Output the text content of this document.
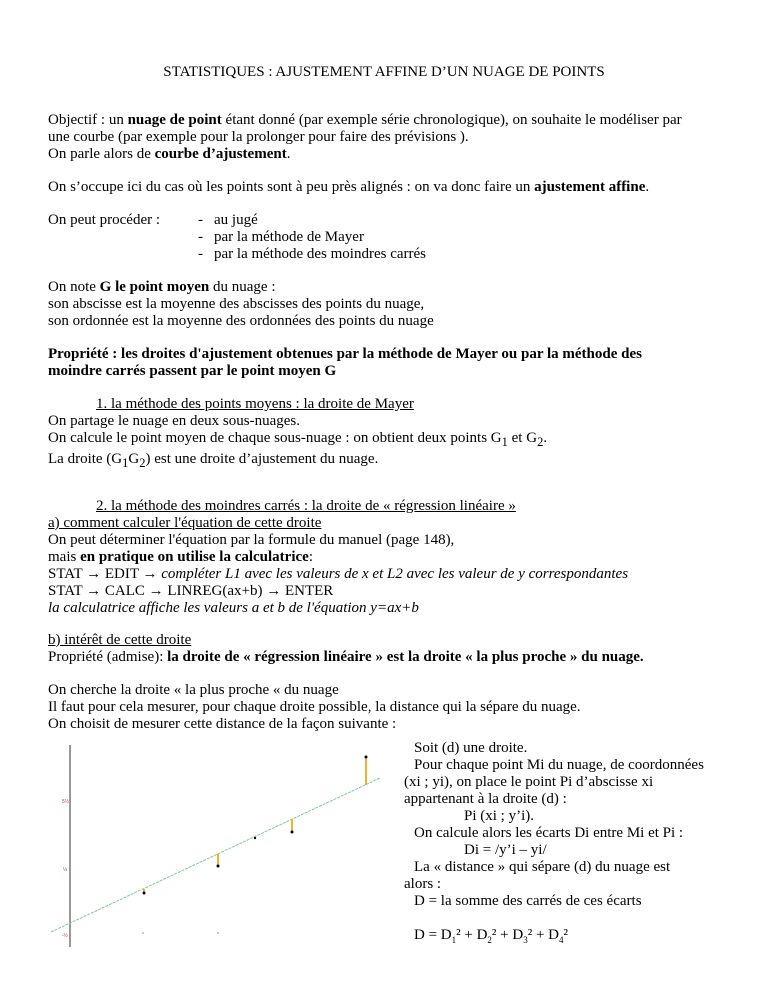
STATISTIQUES : AJUSTEMENT AFFINE D’UN NUAGE DE POINTS

Objectif : un nuage de point étant donné (par exemple série chronologique), on souhaite le modéliser par

une courbe (par exemple pour la prolonger pour faire des prévisions ).

On parle alors de courbe d’ajustement.

On s’occupe ici du cas où les points sont à peu près alignés : on va donc faire un ajustement affine.

On peut procéder :	- au jugé

- par la méthode de Mayer

- par la méthode des moindres carrés

On note G le point moyen du nuage :

son abscisse est la moyenne des abscisses des points du nuage,

son ordonnée est la moyenne des ordonnées des points du nuage

Propriété : les droites d'ajustement obtenues par la méthode de Mayer ou par la méthode des

moindre carrés passent par le point moyen G

1. la méthode des points moyens : la droite de Mayer

On partage le nuage en deux sous-nuages.

On calcule le point moyen de chaque sous-nuage : on obtient deux points $G_1$ et $G_2$.

La droite $(G_1G_2)$ est une droite d’ajustement du nuage.

2. la méthode des moindres carrés : la droite de « régression linéaire »

a) comment calculer l'équation de cette droite

On peut déterminer l'équation par la formule du manuel (page 148),

mais en pratique on utilise la calculatrice:

STAT → EDIT → compléter L1 avec les valeurs de x et L2 avec les valeur de y correspondantes

STAT → CALC → LINREG(ax+b) → ENTER

la calculatrice affiche les valeurs a et b de l'équation y=ax+b

b) intérêt de cette droite

Propriété (admise): la droite de « régression linéaire » est la droite « la plus proche » du nuage.

On cherche la droite « la plus proche « du nuage

Il faut pour cela mesurer, pour chaque droite possible, la distance qui la sépare du nuage.

On choisit de mesurer cette distance de la façon suivante :

5½
½
-½

Soit (d) une droite.

Pour chaque point Mi du nuage, de coordonnées

(xi ; yi), on place le point Pi d’abscisse xi

appartenant à la droite (d) :

Pi (xi ; y’i).

On calcule alors les écarts Di entre Mi et Pi :

Di = /y’i – yi/

La « distance » qui sépare (d) du nuage est

alors :

D = la somme des carrés de ces écarts

$D = D_1^2 + D_2^2 + D_3^2 + D_4^2$
